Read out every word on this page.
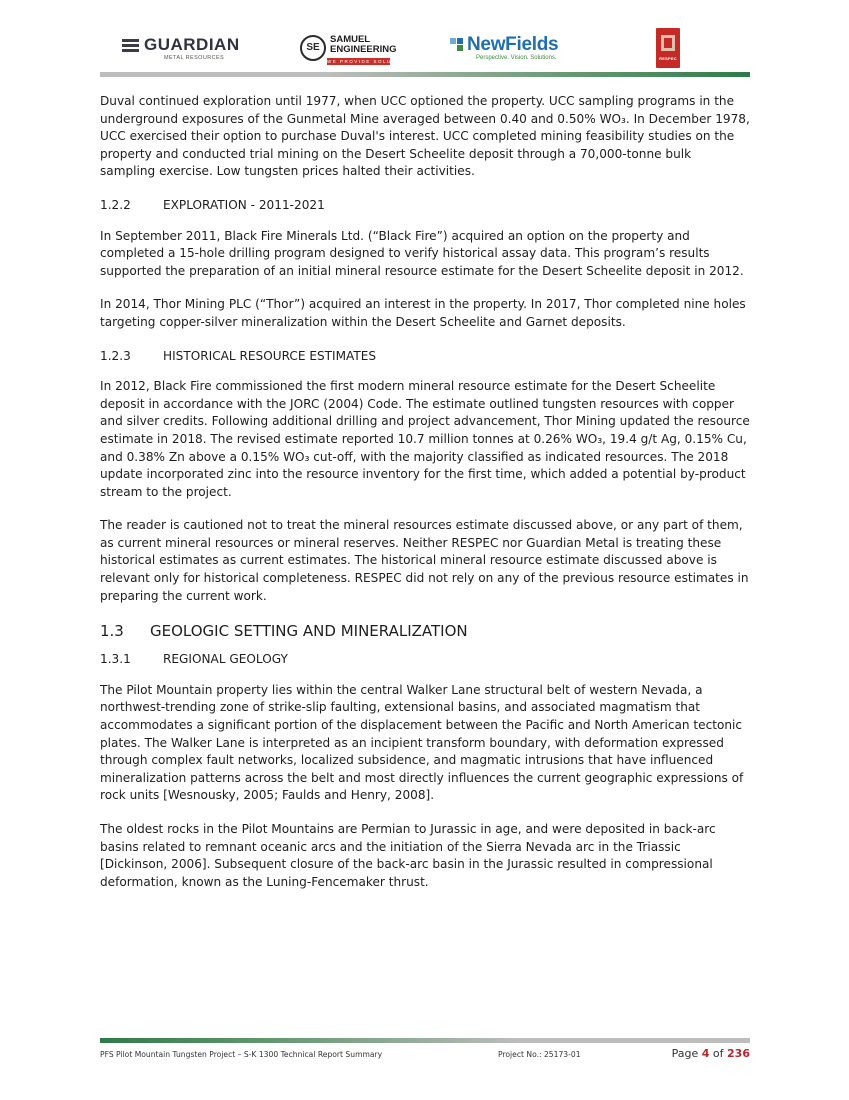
GUARDIAN
METAL RESOURCES
SE
SAMUEL
ENGINEERING
WE PROVIDE SOLUTIONS
NewFields
Perspective. Vision. Solutions.	RESPEC

Duval continued exploration until 1977, when UCC optioned the property. UCC sampling programs in the underground exposures of the Gunmetal Mine averaged between 0.40 and 0.50% WO₃. In December 1978, UCC exercised their option to purchase Duval's interest. UCC completed mining feasibility studies on the property and conducted trial mining on the Desert Scheelite deposit through a 70,000-tonne bulk sampling exercise. Low tungsten prices halted their activities.

1.2.2	EXPLORATION - 2011-2021

In September 2011, Black Fire Minerals Ltd. (“Black Fire”) acquired an option on the property and completed a 15-hole drilling program designed to verify historical assay data. This program’s results supported the preparation of an initial mineral resource estimate for the Desert Scheelite deposit in 2012.

In 2014, Thor Mining PLC (“Thor”) acquired an interest in the property. In 2017, Thor completed nine holes targeting copper-silver mineralization within the Desert Scheelite and Garnet deposits.

1.2.3	HISTORICAL RESOURCE ESTIMATES

In 2012, Black Fire commissioned the first modern mineral resource estimate for the Desert Scheelite deposit in accordance with the JORC (2004) Code. The estimate outlined tungsten resources with copper and silver credits. Following additional drilling and project advancement, Thor Mining updated the resource estimate in 2018. The revised estimate reported 10.7 million tonnes at 0.26% WO₃, 19.4 g/t Ag, 0.15% Cu, and 0.38% Zn above a 0.15% WO₃ cut-off, with the majority classified as indicated resources. The 2018 update incorporated zinc into the resource inventory for the first time, which added a potential by-product stream to the project.

The reader is cautioned not to treat the mineral resources estimate discussed above, or any part of them, as current mineral resources or mineral reserves. Neither RESPEC nor Guardian Metal is treating these historical estimates as current estimates. The historical mineral resource estimate discussed above is relevant only for historical completeness. RESPEC did not rely on any of the previous resource estimates in preparing the current work.

1.3 GEOLOGIC SETTING AND MINERALIZATION
1.3.1	REGIONAL GEOLOGY

The Pilot Mountain property lies within the central Walker Lane structural belt of western Nevada, a northwest-trending zone of strike-slip faulting, extensional basins, and associated magmatism that accommodates a significant portion of the displacement between the Pacific and North American tectonic plates. The Walker Lane is interpreted as an incipient transform boundary, with deformation expressed through complex fault networks, localized subsidence, and magmatic intrusions that have influenced mineralization patterns across the belt and most directly influences the current geographic expressions of rock units [Wesnousky, 2005; Faulds and Henry, 2008].

The oldest rocks in the Pilot Mountains are Permian to Jurassic in age, and were deposited in back-arc basins related to remnant oceanic arcs and the initiation of the Sierra Nevada arc in the Triassic [Dickinson, 2006]. Subsequent closure of the back-arc basin in the Jurassic resulted in compressional deformation, known as the Luning-Fencemaker thrust.

PFS Pilot Mountain Tungsten Project – S-K 1300 Technical Report Summary	Project No.: 25173-01	Page 4 of 236
